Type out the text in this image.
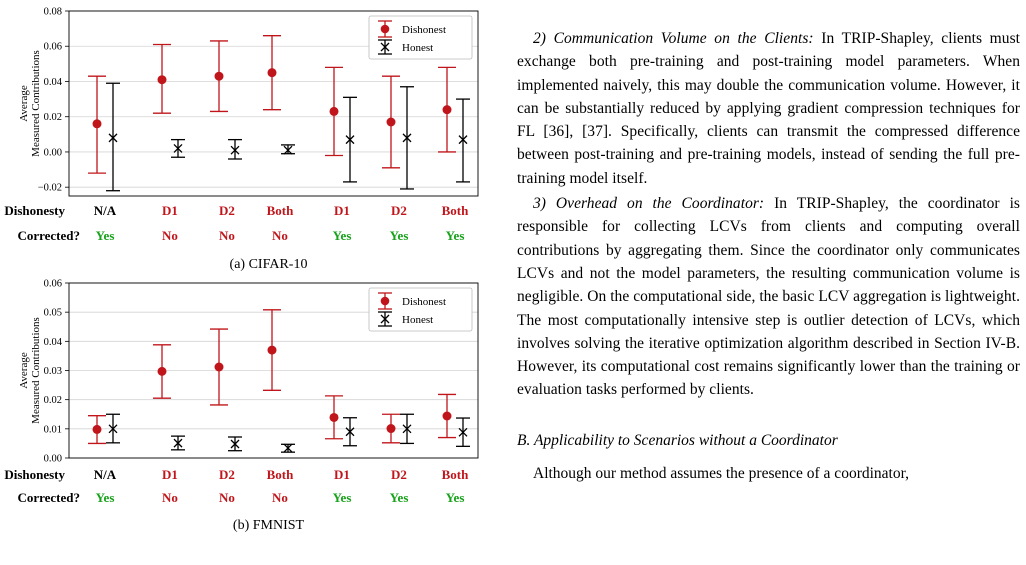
−0.02
0.00
0.02
0.04
0.06
0.08
Average Measured Contributions
Dishonest
Honest
Dishonesty
Corrected?
N/A
Yes
D1
No
D2
No
Both
No
D1
Yes
D2
Yes
Both
Yes
(a) CIFAR-10
0.00
0.01
0.02
0.03
0.04
0.05
0.06
Average Measured Contributions
Dishonest
Honest
Dishonesty
Corrected?
N/A
Yes
D1
No
D2
No
Both
No
D1
Yes
D2
Yes
Both
Yes
(b) FMNIST

2) Communication Volume on the Clients: In TRIP-Shapley, clients must exchange both pre-training and post-training model parameters. When implemented naively, this may double the communication volume. However, it can be substantially reduced by applying gradient compression techniques for FL [36], [37]. Specifically, clients can transmit the compressed difference between post-training and pre-training models, instead of sending the full pre-training model itself.

3) Overhead on the Coordinator: In TRIP-Shapley, the coordinator is responsible for collecting LCVs from clients and computing overall contributions by aggregating them. Since the coordinator only communicates LCVs and not the model parameters, the resulting communication volume is negligible. On the computational side, the basic LCV aggregation is lightweight. The most computationally intensive step is outlier detection of LCVs, which involves solving the iterative optimization algorithm described in Section IV-B. However, its computational cost remains significantly lower than the training or evaluation tasks performed by clients.

B. Applicability to Scenarios without a Coordinator

Although our method assumes the presence of a coordinator,
